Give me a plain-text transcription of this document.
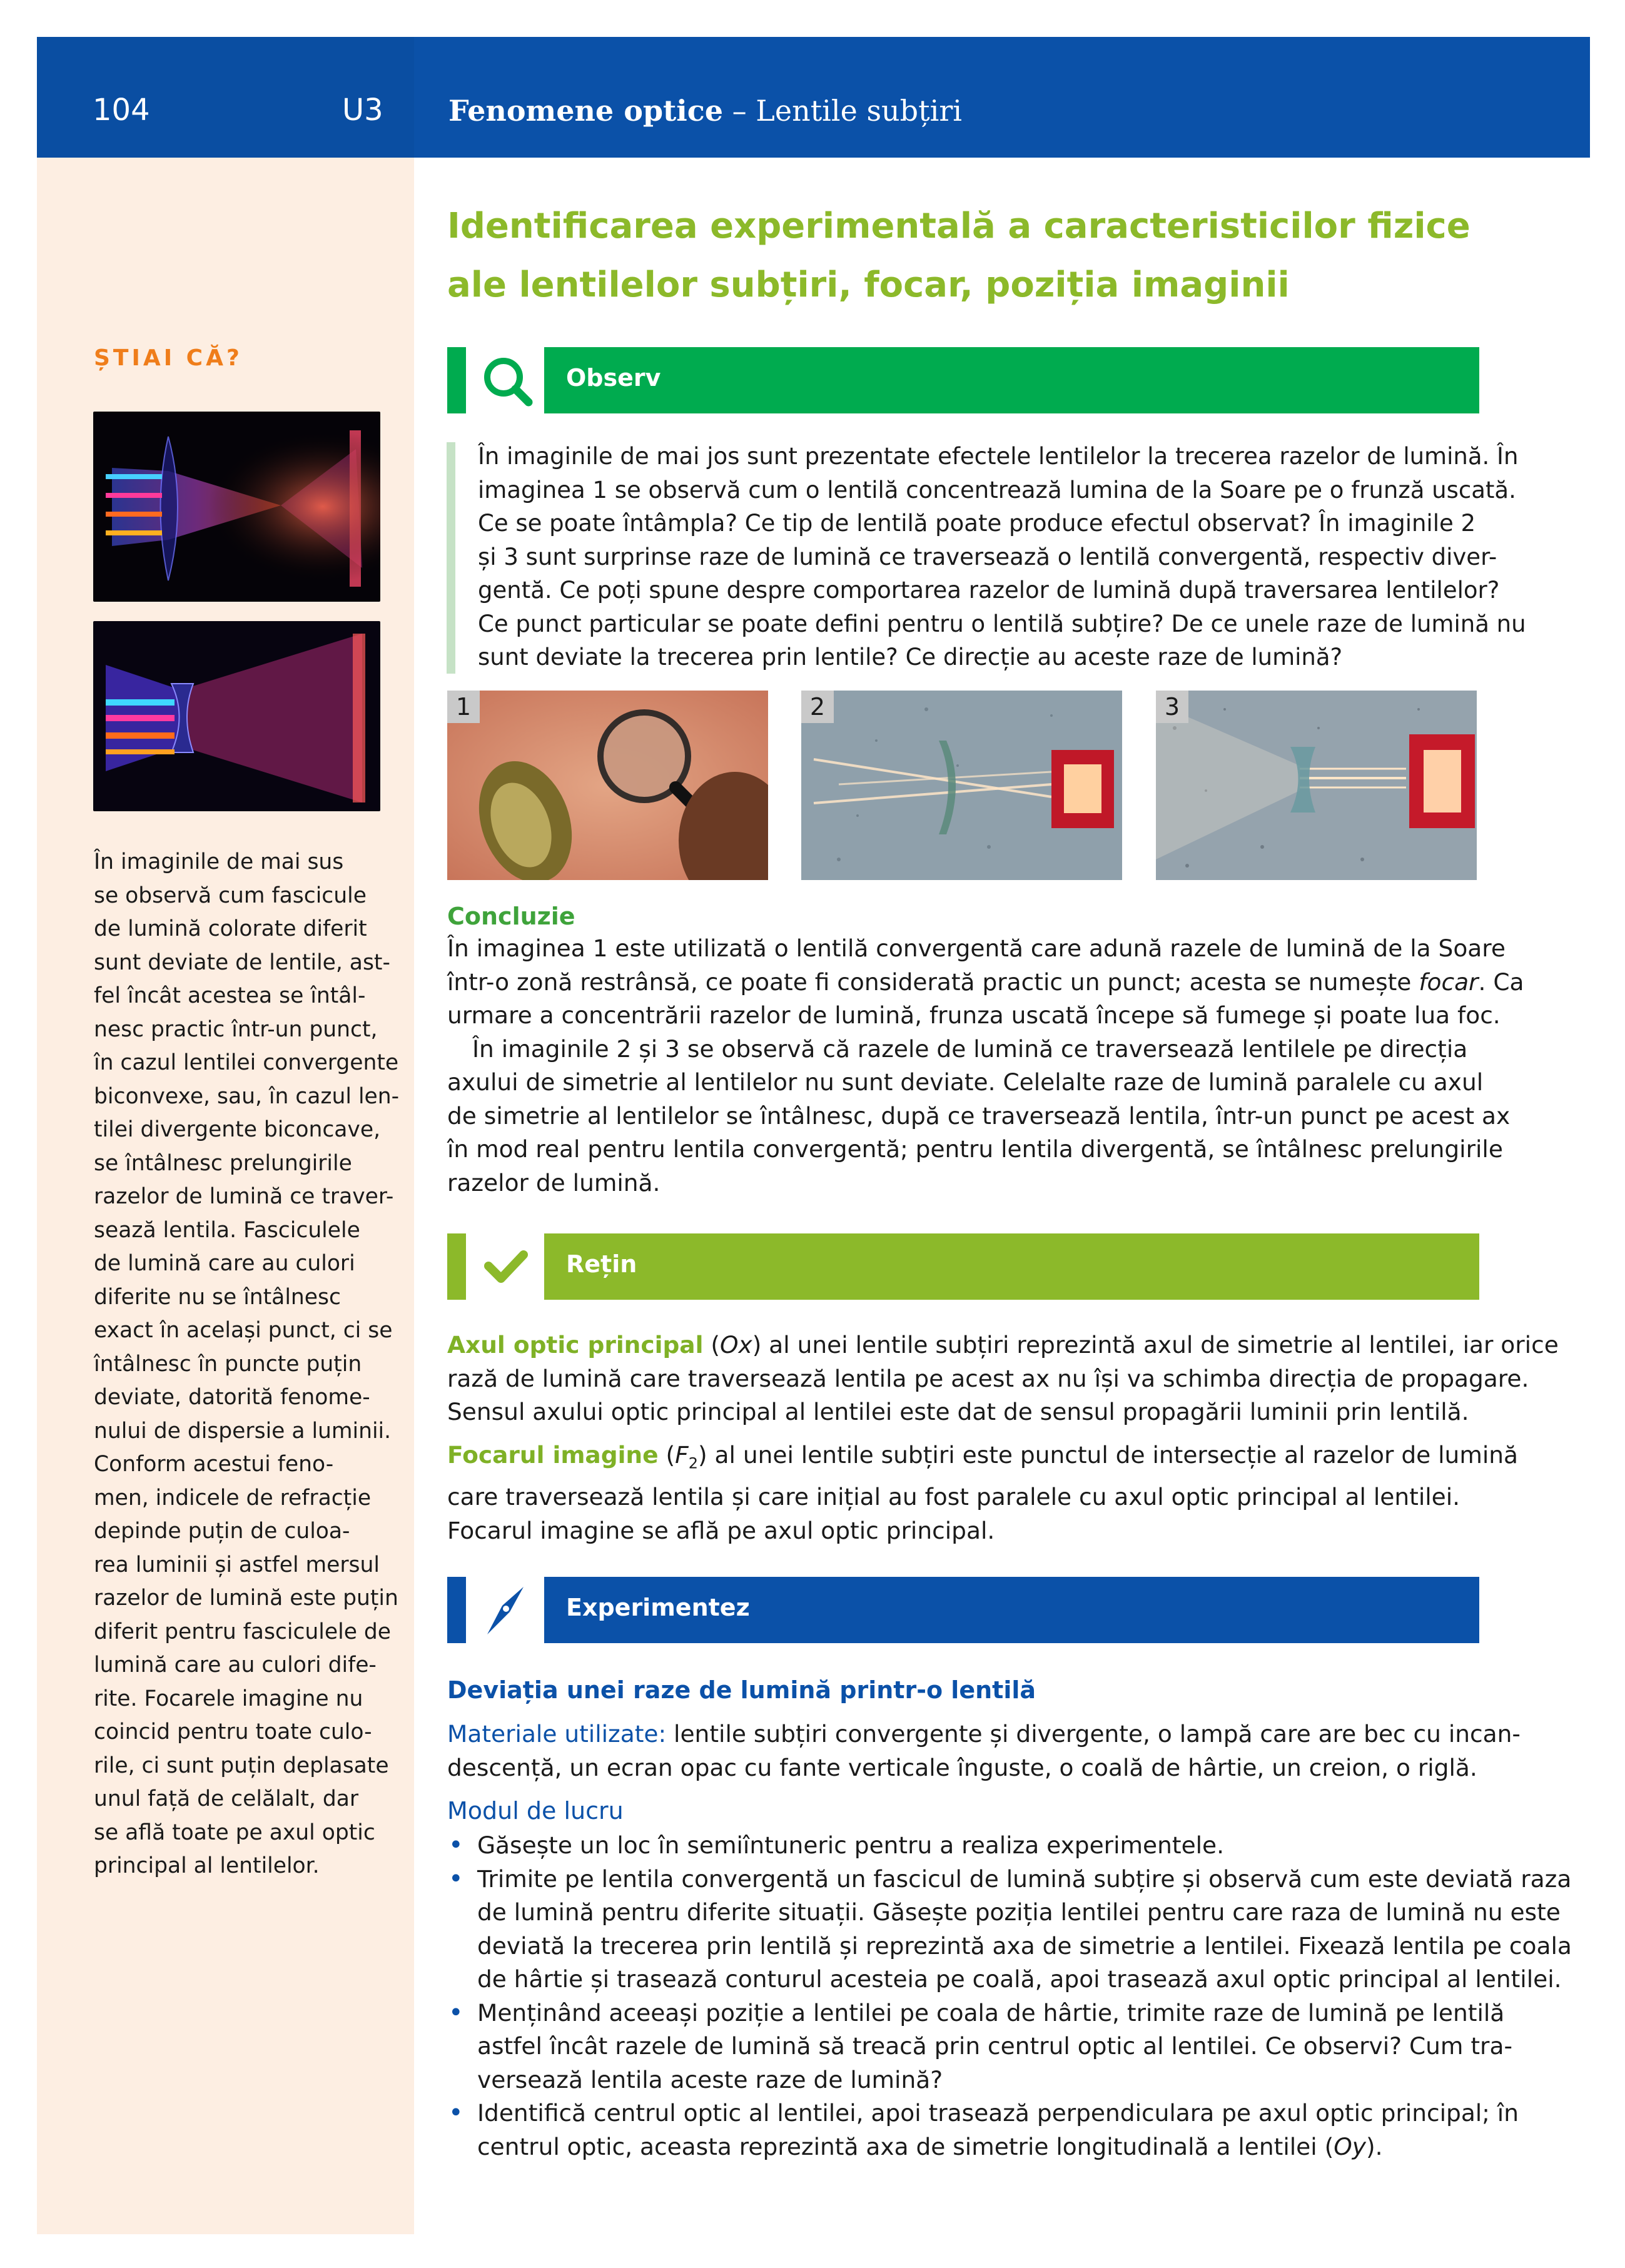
104	U3 Fenomene optice – Lentile subțiri
ȘTIAI CĂ?
În imaginile de mai sus
se observă cum fascicule
de lumină colorate diferit
sunt deviate de lentile, ast-
fel încât acestea se întâl-
nesc practic într-un punct,
în cazul lentilei convergente
biconvexe, sau, în cazul len-
tilei divergente biconcave,
se întâlnesc prelungirile
razelor de lumină ce traver-
sează lentila. Fasciculele
de lumină care au culori
diferite nu se întâlnesc
exact în același punct, ci se
întâlnesc în puncte puțin
deviate, datorită fenome-
nului de dispersie a luminii.
Conform acestui feno-
men, indicele de refracție
depinde puțin de culoa-
rea luminii și astfel mersul
razelor de lumină este puțin
diferit pentru fasciculele de
lumină care au culori dife-
rite. Focarele imagine nu
coincid pentru toate culo-
rile, ci sunt puțin deplasate
unul față de celălalt, dar
se află toate pe axul optic
principal al lentilelor.
Identificarea experimentală a caracteristicilor fizice
ale lentilelor subțiri, focar, poziția imaginii
Observ
În imaginile de mai jos sunt prezentate efectele lentilelor la trecerea razelor de lumină. În
imaginea 1 se observă cum o lentilă concentrează lumina de la Soare pe o frunză uscată.
Ce se poate întâmpla? Ce tip de lentilă poate produce efectul observat? În imaginile 2
și 3 sunt surprinse raze de lumină ce traversează o lentilă convergentă, respectiv diver-
gentă. Ce poți spune despre comportarea razelor de lumină după traversarea lentilelor?
Ce punct particular se poate defini pentru o lentilă subțire? De ce unele raze de lumină nu
sunt deviate la trecerea prin lentile? Ce direcție au aceste raze de lumină?
1	2	3
Concluzie
În imaginea 1 este utilizată o lentilă convergentă care adună razele de lumină de la Soare
într-o zonă restrânsă, ce poate fi considerată practic un punct; acesta se numește focar. Ca
urmare a concentrării razelor de lumină, frunza uscată începe să fumege și poate lua foc.
În imaginile 2 și 3 se observă că razele de lumină ce traversează lentilele pe direcția
axului de simetrie al lentilelor nu sunt deviate. Celelalte raze de lumină paralele cu axul
de simetrie al lentilelor se întâlnesc, după ce traversează lentila, într-un punct pe acest ax
în mod real pentru lentila convergentă; pentru lentila divergentă, se întâlnesc prelungirile
razelor de lumină.
Rețin
Axul optic principal (Ox) al unei lentile subțiri reprezintă axul de simetrie al lentilei, iar orice
rază de lumină care traversează lentila pe acest ax nu își va schimba direcția de propagare.
Sensul axului optic principal al lentilei este dat de sensul propagării luminii prin lentilă.
Focarul imagine $(F_2)$ al unei lentile subțiri este punctul de intersecție al razelor de lumină
care traversează lentila și care inițial au fost paralele cu axul optic principal al lentilei.
Focarul imagine se află pe axul optic principal.
Experimentez
Deviația unei raze de lumină printr-o lentilă
Materiale utilizate: lentile subțiri convergente și divergente, o lampă care are bec cu incan-
descență, un ecran opac cu fante verticale înguste, o coală de hârtie, un creion, o riglă.
Modul de lucru
• Găsește un loc în semiîntuneric pentru a realiza experimentele.
• Trimite pe lentila convergentă un fascicul de lumină subțire și observă cum este deviată raza
de lumină pentru diferite situații. Găsește poziția lentilei pentru care raza de lumină nu este
deviată la trecerea prin lentilă și reprezintă axa de simetrie a lentilei. Fixează lentila pe coala
de hârtie și trasează conturul acesteia pe coală, apoi trasează axul optic principal al lentilei.
• Menținând aceeași poziție a lentilei pe coala de hârtie, trimite raze de lumină pe lentilă
astfel încât razele de lumină să treacă prin centrul optic al lentilei. Ce observi? Cum tra-
versează lentila aceste raze de lumină?
• Identifică centrul optic al lentilei, apoi trasează perpendiculara pe axul optic principal; în
centrul optic, aceasta reprezintă axa de simetrie longitudinală a lentilei (Oy).
